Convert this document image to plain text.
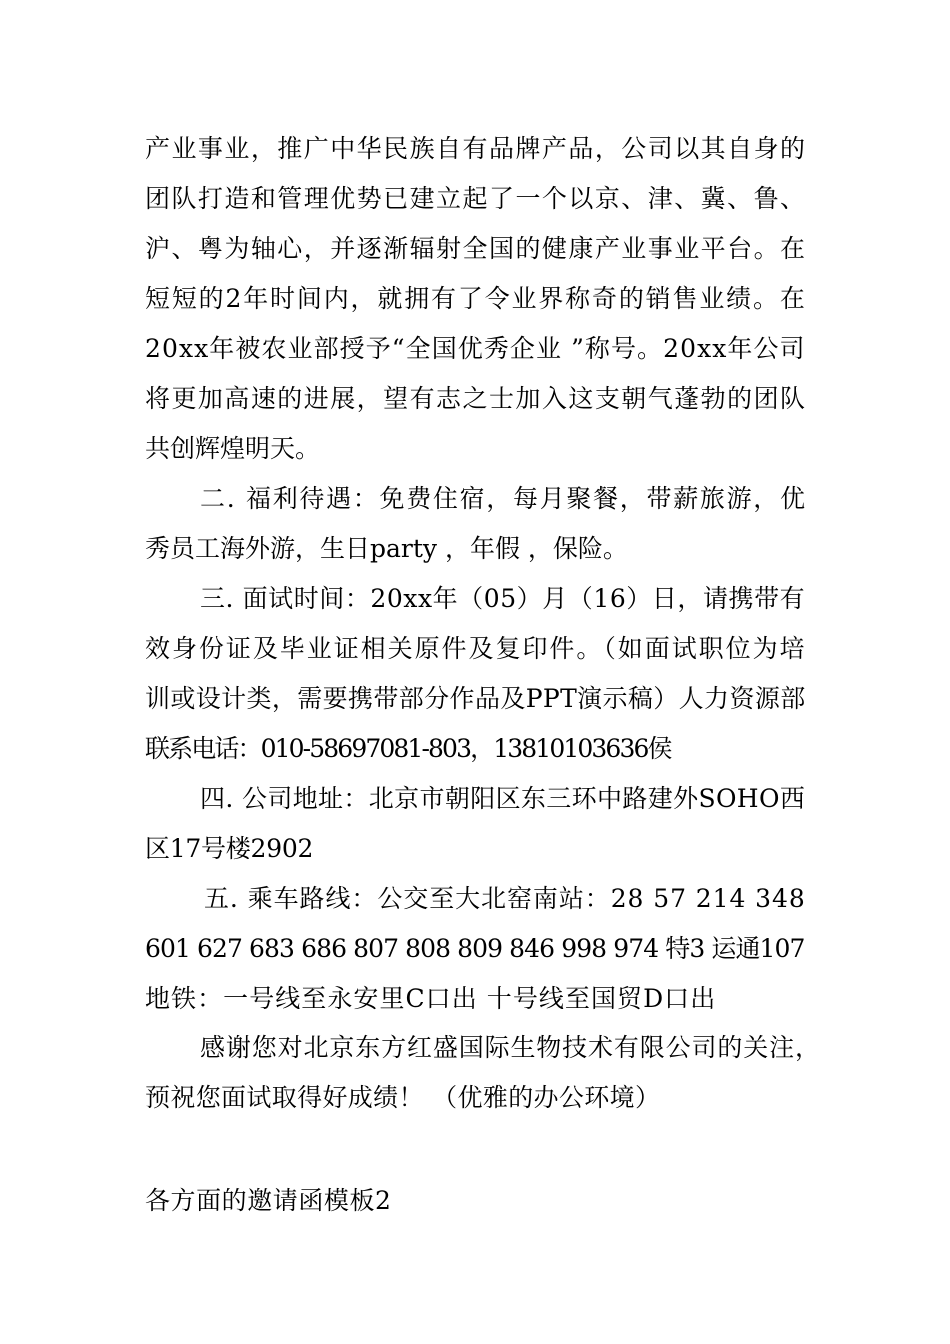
产业事业，推广中华民族自有品牌产品，公司以其自身的
团队打造和管理优势已建立起了一个以京、津、冀、鲁、
沪、粤为轴心，并逐渐辐射全国的健康产业事业平台。在
短短的2年时间内，就拥有了令业界称奇的销售业绩。在
20xx年被农业部授予“全国优秀企业 ”称号。20xx年公司
将更加高速的进展，望有志之士加入这支朝气蓬勃的团队
共创辉煌明天。
二. 福利待遇：免费住宿，每月聚餐，带薪旅游，优
秀员工海外游，生日party ，年假 ，保险。
三. 面试时间：20xx年（05）月（16）日，请携带有
效身份证及毕业证相关原件及复印件。（如面试职位为培
训或设计类，需要携带部分作品及PPT演示稿）人力资源部
联系电话：010-58697081-803，13810103636侯
四. 公司地址：北京市朝阳区东三环中路建外SOHO西
区17号楼2902
五. 乘车路线：公交至大北窑南站：28 57 214 348
601 627 683 686 807 808 809 846 998 974 特3 运通107
地铁：一号线至永安里C口出 十号线至国贸D口出
感谢您对北京东方红盛国际生物技术有限公司的关注，
预祝您面试取得好成绩！ （优雅的办公环境）
各方面的邀请函模板2
